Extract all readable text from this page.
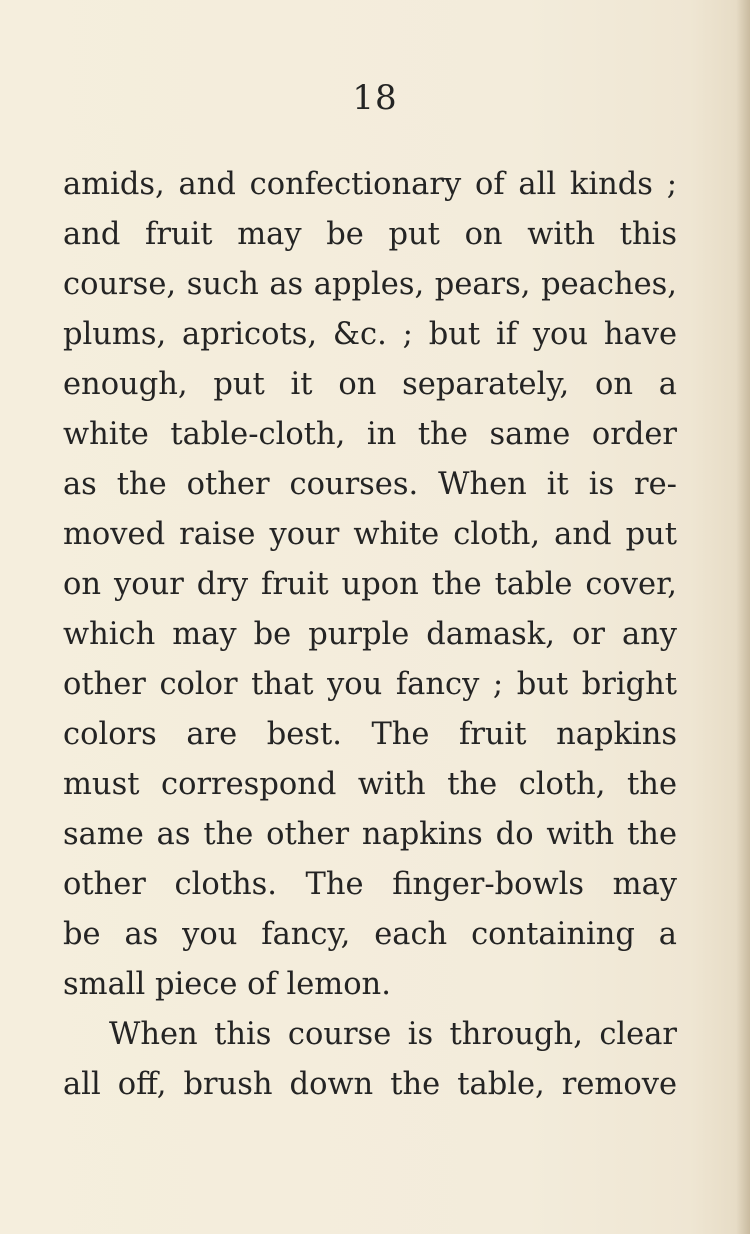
18
amids, and confectionary of all kinds ;
and fruit may be put on with this
course, such as apples, pears, peaches,
plums, apricots, &c. ; but if you have
enough, put it on separately, on a
white table-cloth, in the same order
as the other courses. When it is re-
moved raise your white cloth, and put
on your dry fruit upon the table cover,
which may be purple damask, or any
other color that you fancy ; but bright
colors are best. The fruit napkins
must correspond with the cloth, the
same as the other napkins do with the
other cloths. The finger-bowls may
be as you fancy, each containing a
small piece of lemon.
When this course is through, clear
all off, brush down the table, remove
